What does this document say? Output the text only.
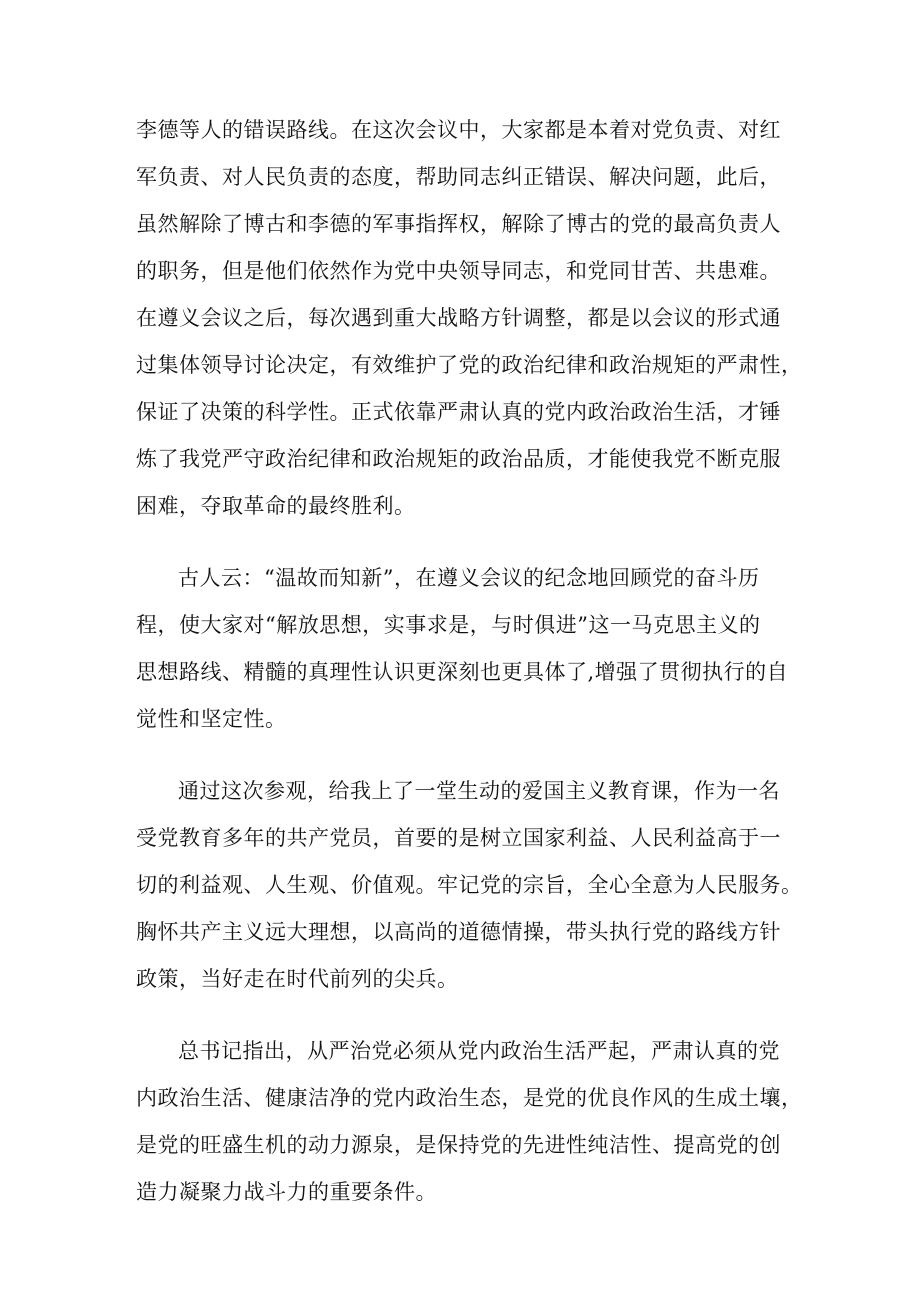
李德等人的错误路线。在这次会议中，大家都是本着对党负责、对红
军负责、对人民负责的态度，帮助同志纠正错误、解决问题，此后，
虽然解除了博古和李德的军事指挥权，解除了博古的党的最高负责人
的职务，但是他们依然作为党中央领导同志，和党同甘苦、共患难。
在遵义会议之后，每次遇到重大战略方针调整，都是以会议的形式通
过集体领导讨论决定，有效维护了党的政治纪律和政治规矩的严肃性，
保证了决策的科学性。正式依靠严肃认真的党内政治政治生活，才锤
炼了我党严守政治纪律和政治规矩的政治品质，才能使我党不断克服
困难，夺取革命的最终胜利。
古人云：“温故而知新”，在遵义会议的纪念地回顾党的奋斗历
程，使大家对“解放思想，实事求是，与时俱进”这一马克思主义的
思想路线、精髓的真理性认识更深刻也更具体了,增强了贯彻执行的自
觉性和坚定性。
通过这次参观，给我上了一堂生动的爱国主义教育课，作为一名
受党教育多年的共产党员，首要的是树立国家利益、人民利益高于一
切的利益观、人生观、价值观。牢记党的宗旨，全心全意为人民服务。
胸怀共产主义远大理想，以高尚的道德情操，带头执行党的路线方针
政策，当好走在时代前列的尖兵。
总书记指出，从严治党必须从党内政治生活严起，严肃认真的党
内政治生活、健康洁净的党内政治生态，是党的优良作风的生成土壤，
是党的旺盛生机的动力源泉，是保持党的先进性纯洁性、提高党的创
造力凝聚力战斗力的重要条件。
